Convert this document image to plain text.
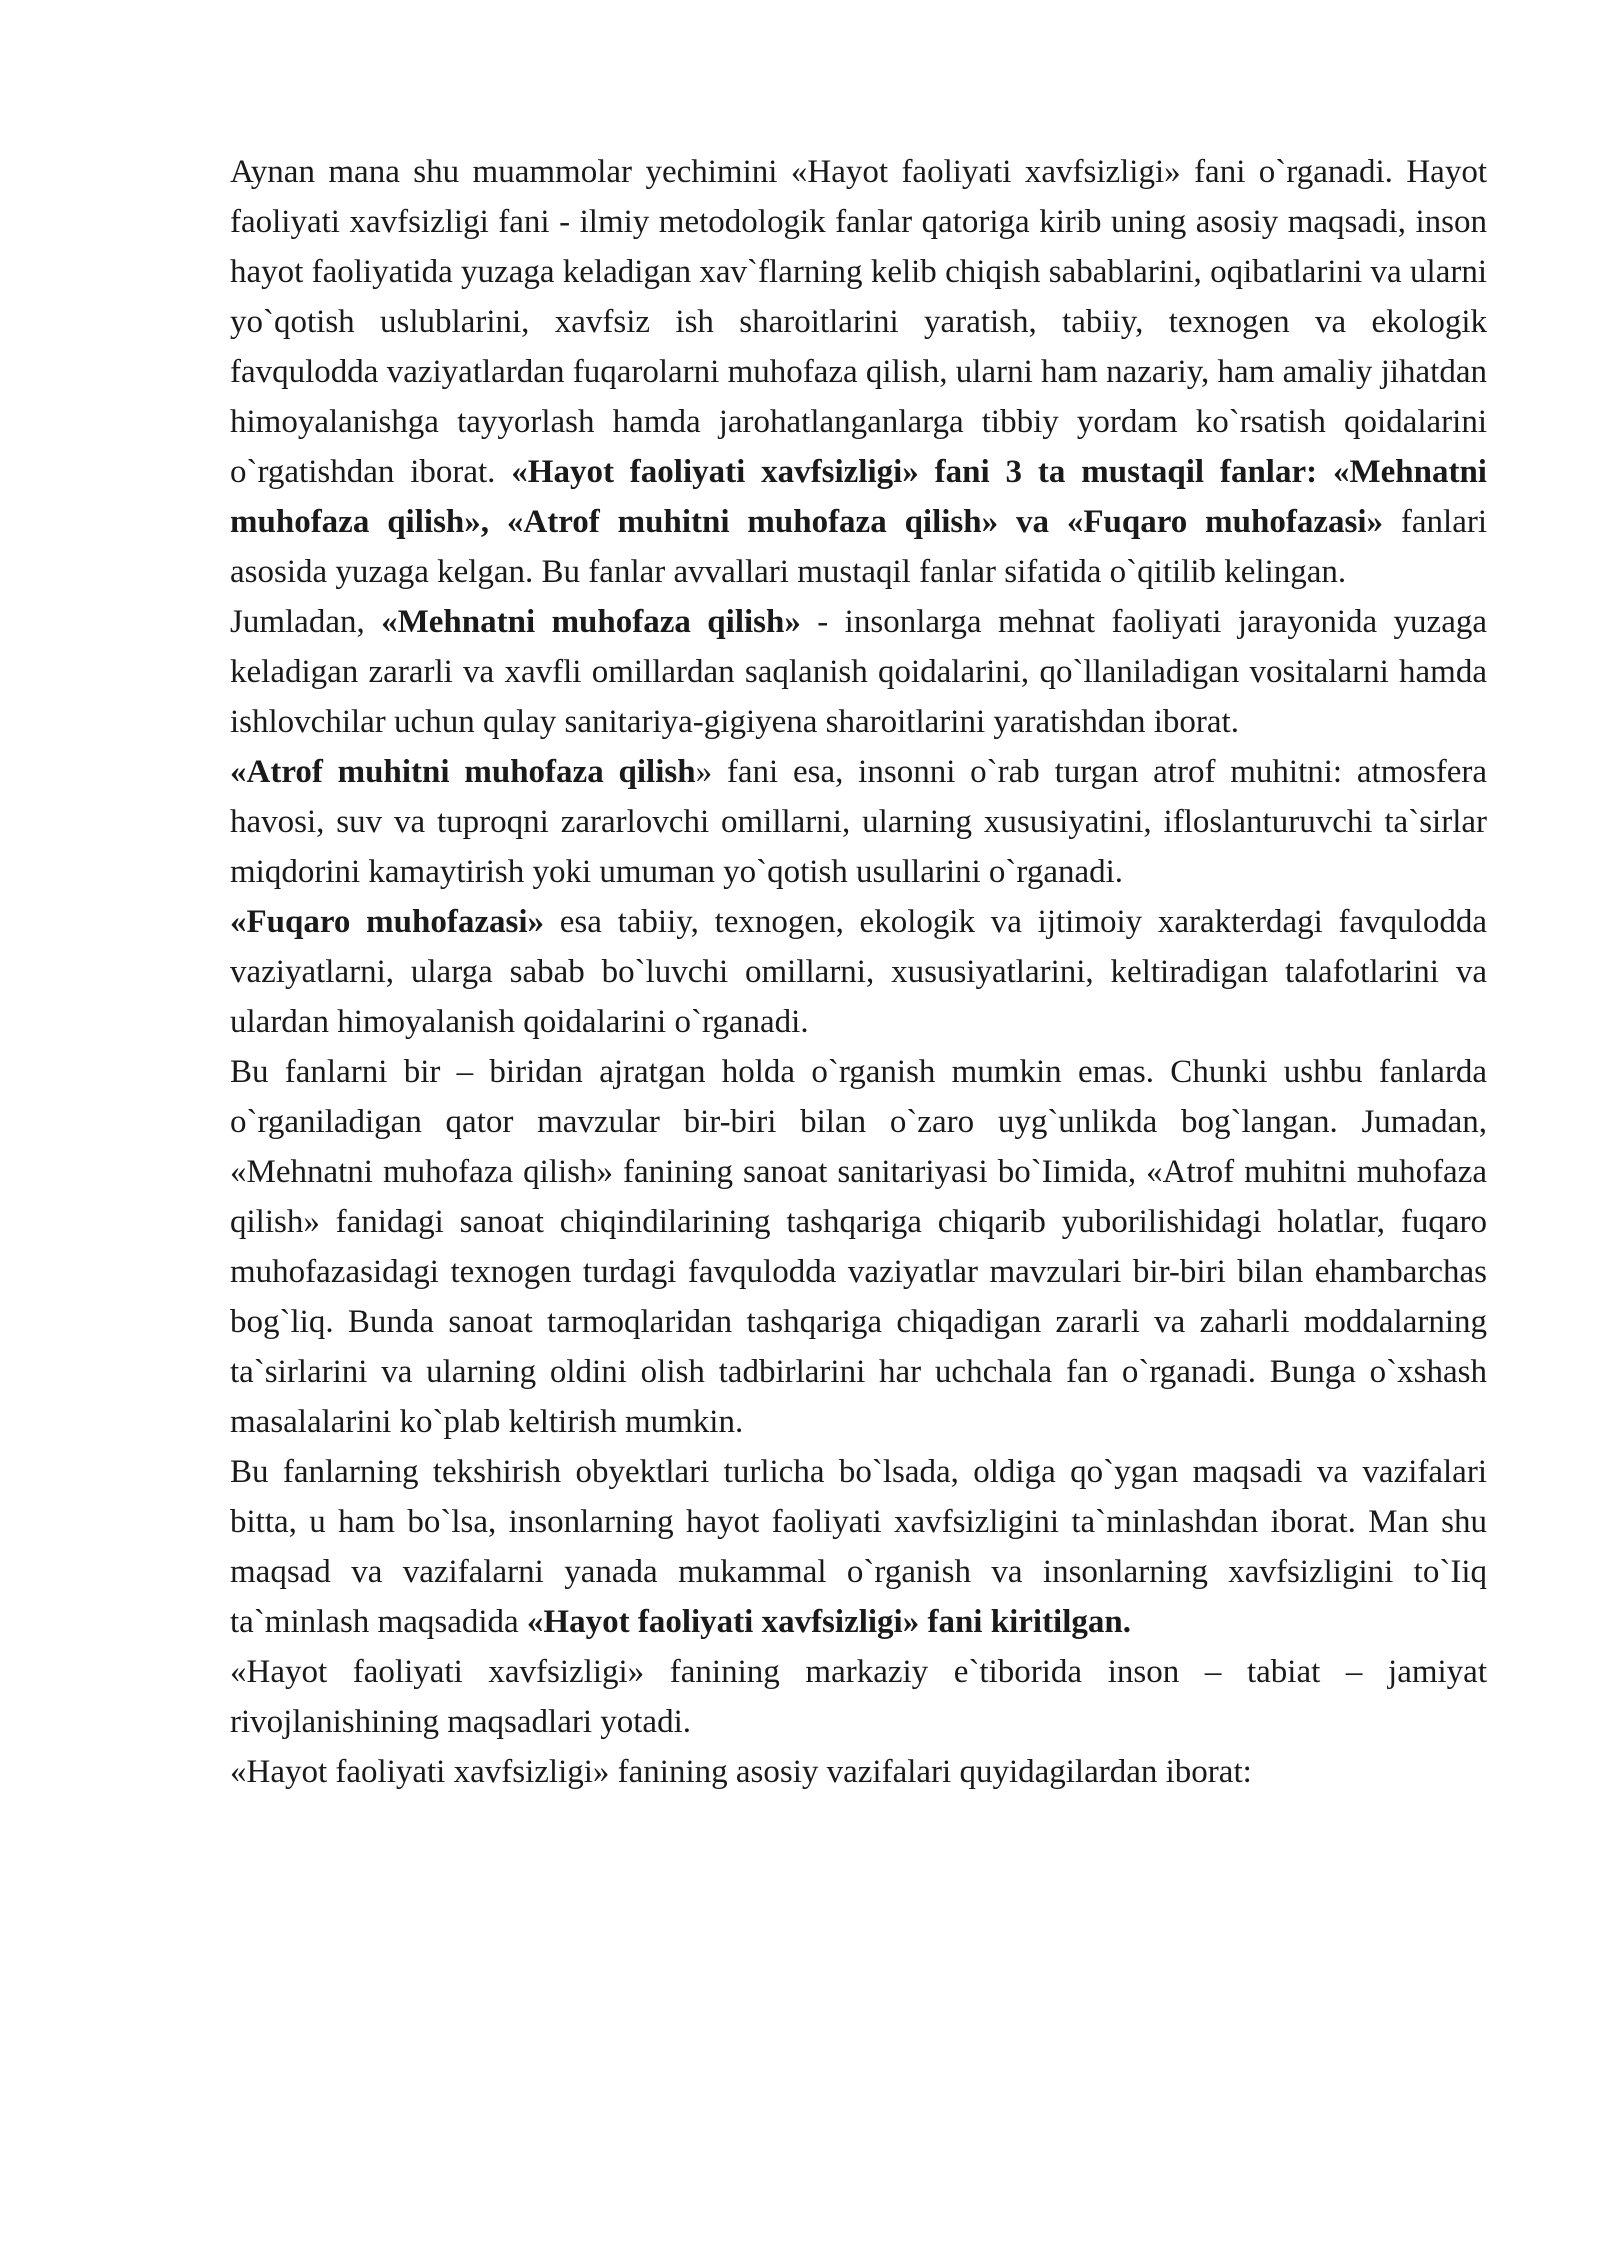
Aynan mana shu muammolar yechimini «Hayot faoliyati xavfsizligi» fani o`rganadi. Hayot faoliyati xavfsizligi fani - ilmiy metodologik fanlar qatoriga kirib uning asosiy maqsadi, inson hayot faoliyatida yuzaga keladigan xav`flarning kelib chiqish sabablarini, oqibatlarini va ularni yo`qotish uslublarini, xavfsiz ish sharoitlarini yaratish, tabiiy, texnogen va ekologik favqulodda vaziyatlardan fuqarolarni muhofaza qilish, ularni ham nazariy, ham amaliy jihatdan himoyalanishga tayyorlash hamda jarohatlanganlarga tibbiy yordam ko`rsatish qoidalarini o`rgatishdan iborat. «Hayot faoliyati xavfsizligi» fani 3 ta mustaqil fanlar: «Mehnatni muhofaza qilish», «Atrof muhitni muhofaza qilish» va «Fuqaro muhofazasi» fanlari asosida yuzaga kelgan. Bu fanlar avvallari mustaqil fanlar sifatida o`qitilib kelingan.

Jumladan, «Mehnatni muhofaza qilish» - insonlarga mehnat faoliyati jarayonida yuzaga keladigan zararli va xavfli omillardan saqlanish qoidalarini, qo`llaniladigan vositalarni hamda ishlovchilar uchun qulay sanitariya-gigiyena sharoitlarini yaratishdan iborat.

«Atrof muhitni muhofaza qilish» fani esa, insonni o`rab turgan atrof muhitni: atmosfera havosi, suv va tuproqni zararlovchi omillarni, ularning xususiyatini, ifloslanturuvchi ta`sirlar miqdorini kamaytirish yoki umuman yo`qotish usullarini o`rganadi.

«Fuqaro muhofazasi» esa tabiiy, texnogen, ekologik va ijtimoiy xarakterdagi favqulodda vaziyatlarni, ularga sabab bo`luvchi omillarni, xususiyatlarini, keltiradigan talafotlarini va ulardan himoyalanish qoidalarini o`rganadi.

Bu fanlarni bir – biridan ajratgan holda o`rganish mumkin emas. Chunki ushbu fanlarda o`rganiladigan qator mavzular bir-biri bilan o`zaro uyg`unlikda bog`langan. Jumadan, «Mehnatni muhofaza qilish» fanining sanoat sanitariyasi bo`Iimida, «Atrof muhitni muhofaza qilish» fanidagi sanoat chiqindilarining tashqariga chiqarib yuborilishidagi holatlar, fuqaro muhofazasidagi texnogen turdagi favqulodda vaziyatlar mavzulari bir-biri bilan ehambarchas bog`liq. Bunda sanoat tarmoqlaridan tashqariga chiqadigan zararli va zaharli moddalarning ta`sirlarini va ularning oldini olish tadbirlarini har uchchala fan o`rganadi. Bunga o`xshash masalalarini ko`plab keltirish mumkin.

Bu fanlarning tekshirish obyektlari turlicha bo`lsada, oldiga qo`ygan maqsadi va vazifalari bitta, u ham bo`lsa, insonlarning hayot faoliyati xavfsizligini ta`minlashdan iborat. Man shu maqsad va vazifalarni yanada mukammal o`rganish va insonlarning xavfsizligini to`Iiq ta`minlash maqsadida «Hayot faoliyati xavfsizligi» fani kiritilgan.

«Hayot faoliyati xavfsizligi» fanining markaziy e`tiborida inson – tabiat – jamiyat rivojlanishining maqsadlari yotadi.

«Hayot faoliyati xavfsizligi» fanining asosiy vazifalari quyidagilardan iborat:
